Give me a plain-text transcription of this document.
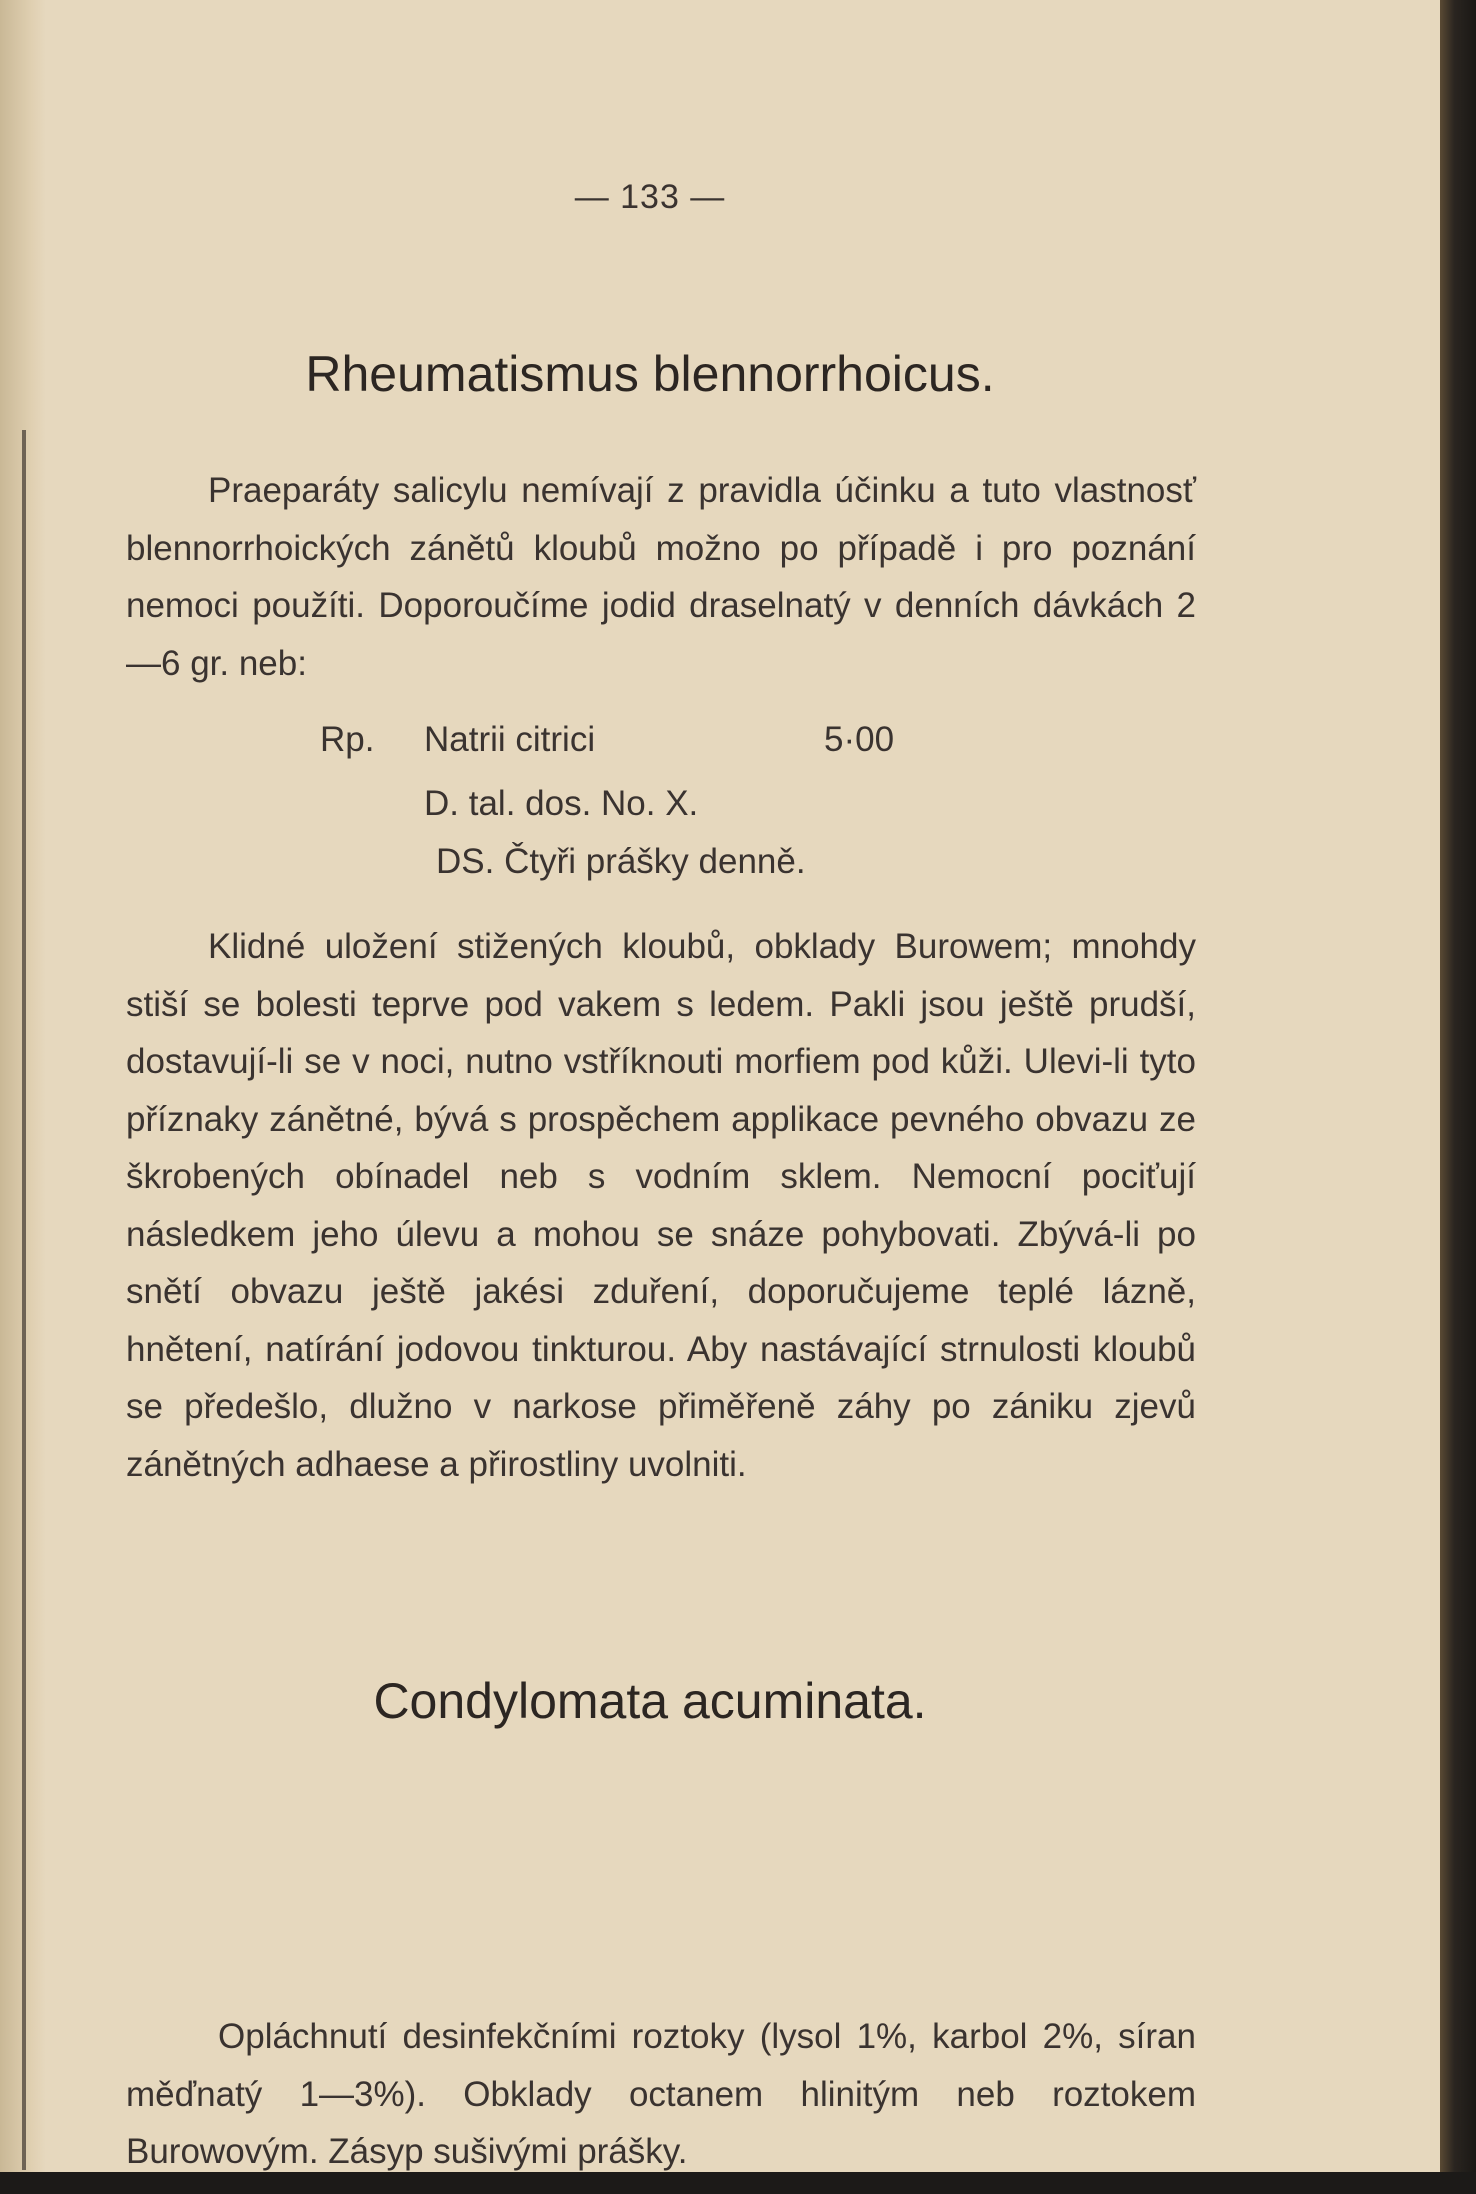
— 133 —
Rheumatismus blennorrhoicus.

Praeparáty salicylu nemívají z pravidla účinku a tuto vlastnosť blennorrhoických zánětů kloubů možno po případě i pro poznání nemoci použíti. Doporoučíme jodid draselnatý v denních dávkách 2—6 gr. neb:

Rp. Natrii citrici	5·00
D. tal. dos. No. X.
DS. Čtyři prášky denně.

Klidné uložení stižených kloubů, obklady Burowem; mnohdy stiší se bolesti teprve pod vakem s ledem. Pakli jsou ještě prudší, dostavují-li se v noci, nutno vstříknouti morfiem pod kůži. Ulevi-li tyto příznaky zánětné, bývá s prospěchem applikace pevného obvazu ze škrobených obínadel neb s vodním sklem. Nemocní pociťují následkem jeho úlevu a mohou se snáze pohybovati. Zbývá-li po snětí obvazu ještě jakési zduření, doporučujeme teplé lázně, hnětení, natírání jodovou tinkturou. Aby nastávající strnulosti kloubů se předešlo, dlužno v narkose přiměřeně záhy po zániku zjevů zánětných adhaese a přirostliny uvolniti.

Condylomata acuminata.

Opláchnutí desinfekčními roztoky (lysol 1%, karbol 2%, síran měďnatý 1—3%). Obklady octanem hlinitým neb roztokem Burowovým. Zásyp sušivými prášky.
